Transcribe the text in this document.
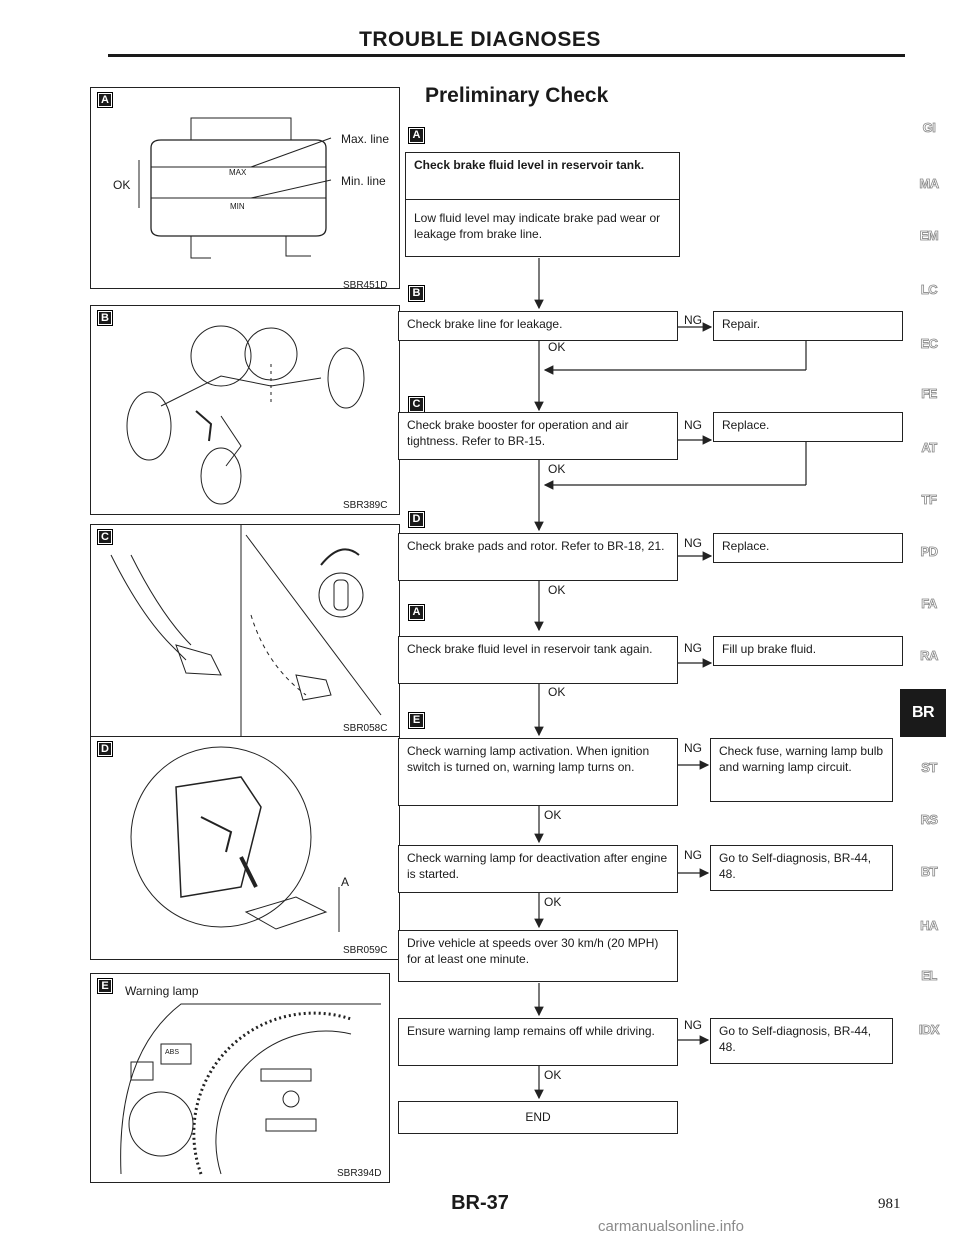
TROUBLE DIAGNOSES
A
Max. line
Min. line
OK
MAX
MIN
SBR451D
B
SBR389C
C
SBR058C
D
A
SBR059C
E	Warning lamp
ABS
SBR394D
Preliminary Check
A
B
C
D
A
E
Check brake fluid level in reservoir tank.
Low fluid level may indicate brake pad wear or leakage from brake line.
Check brake line for leakage.	Repair.
Check brake booster for operation and air tightness. Refer to BR-15.
Replace.
Check brake pads and rotor. Refer to BR-18, 21.	Replace.
Check brake fluid level in reservoir tank again.	Fill up brake fluid.
Check warning lamp activation. When ignition switch is turned on, warning lamp turns on.
Check fuse, warning lamp bulb and warning lamp circuit.
Check warning lamp for deactivation after engine is started.
Go to Self-diagnosis, BR-44, 48.
Drive vehicle at speeds over 30 km/h (20 MPH) for at least one minute.
Ensure warning lamp remains off while driving.	Go to Self-diagnosis, BR-44, 48.
END
OK
OK
OK
OK
OK
OK
OK
NG
NG
NG
NG
NG
NG
NG
GI
MA
EM
LC
EC
FE
AT
TF
PD
FA
RA
BR
ST
RS
BT
HA
EL
IDX
BR-37	981
carmanualsonline.info
